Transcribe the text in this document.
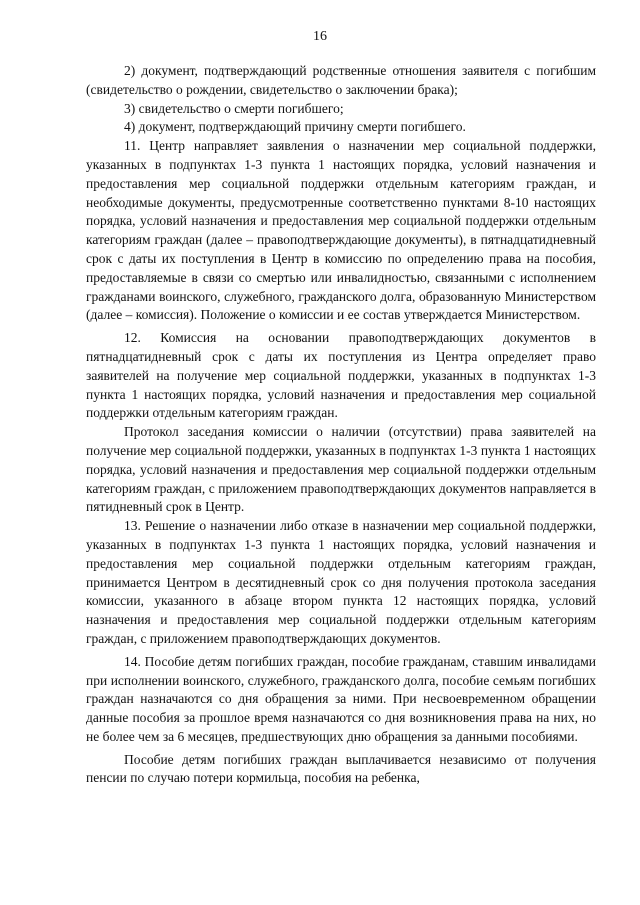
16

2) документ, подтверждающий родственные отношения заявителя с погибшим (свидетельство о рождении, свидетельство о заключении брака);

3) свидетельство о смерти погибшего;

4) документ, подтверждающий причину смерти погибшего.

11. Центр направляет заявления о назначении мер социальной поддержки, указанных в подпунктах 1-3 пункта 1 настоящих порядка, условий назначения и предоставления мер социальной поддержки отдельным категориям граждан, и необходимые документы, предусмотренные соответственно пунктами 8-10 настоящих порядка, условий назначения и предоставления мер социальной поддержки отдельным категориям граждан (далее – правоподтверждающие документы), в пятнадцатидневный срок с даты их поступления в Центр в комиссию по определению права на пособия, предоставляемые в связи со смертью или инвалидностью, связанными с исполнением гражданами воинского, служебного, гражданского долга, образованную Министерством (далее – комиссия). Положение о комиссии и ее состав утверждается Министерством.

12. Комиссия на основании правоподтверждающих документов в пятнадцатидневный срок с даты их поступления из Центра определяет право заявителей на получение мер социальной поддержки, указанных в подпунктах 1-3 пункта 1 настоящих порядка, условий назначения и предоставления мер социальной поддержки отдельным категориям граждан.

Протокол заседания комиссии о наличии (отсутствии) права заявителей на получение мер социальной поддержки, указанных в подпунктах 1-3 пункта 1 настоящих порядка, условий назначения и предоставления мер социальной поддержки отдельным категориям граждан, с приложением правоподтверждающих документов направляется в пятидневный срок в Центр.

13. Решение о назначении либо отказе в назначении мер социальной поддержки, указанных в подпунктах 1-3 пункта 1 настоящих порядка, условий назначения и предоставления мер социальной поддержки отдельным категориям граждан, принимается Центром в десятидневный срок со дня получения протокола заседания комиссии, указанного в абзаце втором пункта 12 настоящих порядка, условий назначения и предоставления мер социальной поддержки отдельным категориям граждан, с приложением правоподтверждающих документов.

14. Пособие детям погибших граждан, пособие гражданам, ставшим инвалидами при исполнении воинского, служебного, гражданского долга, пособие семьям погибших граждан назначаются со дня обращения за ними. При несвоевременном обращении данные пособия за прошлое время назначаются со дня возникновения права на них, но не более чем за 6 месяцев, предшествующих дню обращения за данными пособиями.

Пособие детям погибших граждан выплачивается независимо от получения пенсии по случаю потери кормильца, пособия на ребенка,
